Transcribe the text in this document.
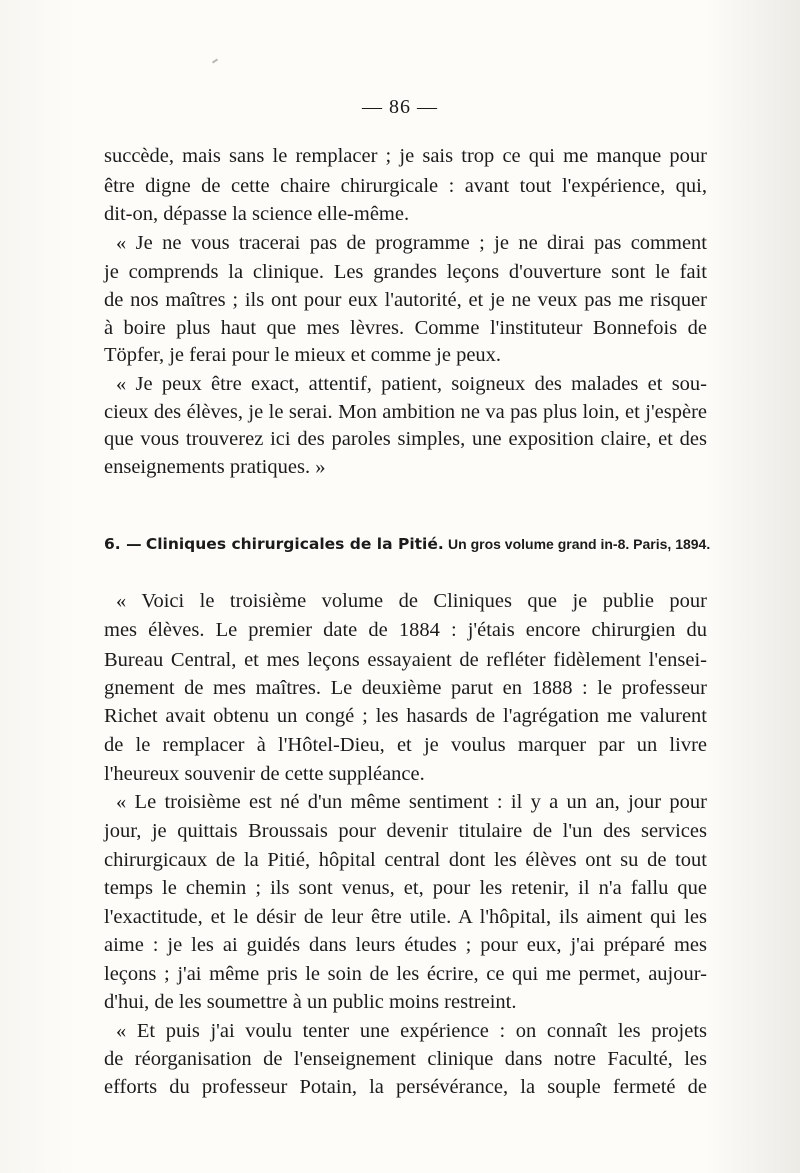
— 86 —
succède, mais sans le remplacer ; je sais trop ce qui me manque pour
être digne de cette chaire chirurgicale : avant tout l'expérience, qui,
dit-on, dépasse la science elle-même.
« Je ne vous tracerai pas de programme ; je ne dirai pas comment
je comprends la clinique. Les grandes leçons d'ouverture sont le fait
de nos maîtres ; ils ont pour eux l'autorité, et je ne veux pas me risquer
à boire plus haut que mes lèvres. Comme l'instituteur Bonnefois de
Töpfer, je ferai pour le mieux et comme je peux.
« Je peux être exact, attentif, patient, soigneux des malades et sou-
cieux des élèves, je le serai. Mon ambition ne va pas plus loin, et j'espère
que vous trouverez ici des paroles simples, une exposition claire, et des
enseignements pratiques. »
6. — Cliniques chirurgicales de la Pitié. Un gros volume grand in-8. Paris, 1894.
« Voici le troisième volume de Cliniques que je publie pour
mes élèves. Le premier date de 1884 : j'étais encore chirurgien du
Bureau Central, et mes leçons essayaient de refléter fidèlement l'ensei-
gnement de mes maîtres. Le deuxième parut en 1888 : le professeur
Richet avait obtenu un congé ; les hasards de l'agrégation me valurent
de le remplacer à l'Hôtel-Dieu, et je voulus marquer par un livre
l'heureux souvenir de cette suppléance.
« Le troisième est né d'un même sentiment : il y a un an, jour pour
jour, je quittais Broussais pour devenir titulaire de l'un des services
chirurgicaux de la Pitié, hôpital central dont les élèves ont su de tout
temps le chemin ; ils sont venus, et, pour les retenir, il n'a fallu que
l'exactitude, et le désir de leur être utile. A l'hôpital, ils aiment qui les
aime : je les ai guidés dans leurs études ; pour eux, j'ai préparé mes
leçons ; j'ai même pris le soin de les écrire, ce qui me permet, aujour-
d'hui, de les soumettre à un public moins restreint.
« Et puis j'ai voulu tenter une expérience : on connaît les projets
de réorganisation de l'enseignement clinique dans notre Faculté, les
efforts du professeur Potain, la persévérance, la souple fermeté de
